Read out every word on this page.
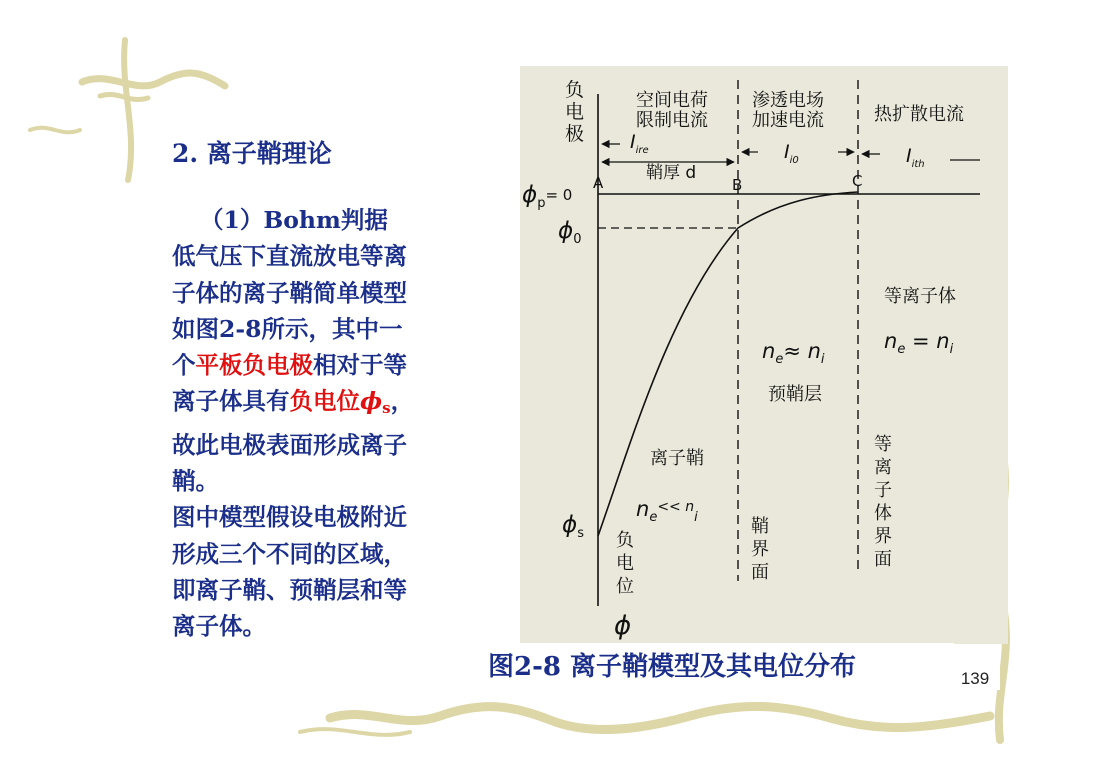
2. 离子鞘理论
（1）Bohm判据
低气压下直流放电等离
子体的离子鞘简单模型
如图2-8所示，其中一
个平板负电极相对于等
离子体具有负电位$\phi_s$，
故此电极表面形成离子
鞘。
图中模型假设电极附近
形成三个不同的区域，
即离子鞘、预鞘层和等
离子体。
负
电
极
空间电荷
限制电流
渗透电场
加速电流	热扩散电流
$I_{ire}$	$I_{i0}$	$I_{ith}$
鞘厚 d
A	B	C
$\phi_p^{= 0}$
$\phi_0$
$\phi_s$
ϕ
等离子体
$n_e = n_i$
$n_e\approx n_i$
预鞘层
离子鞘
$n_e^{<< n}_i$
负
电
位
鞘
界
面
等
离
子
体
界
面
图2-8 离子鞘模型及其电位分布	139
